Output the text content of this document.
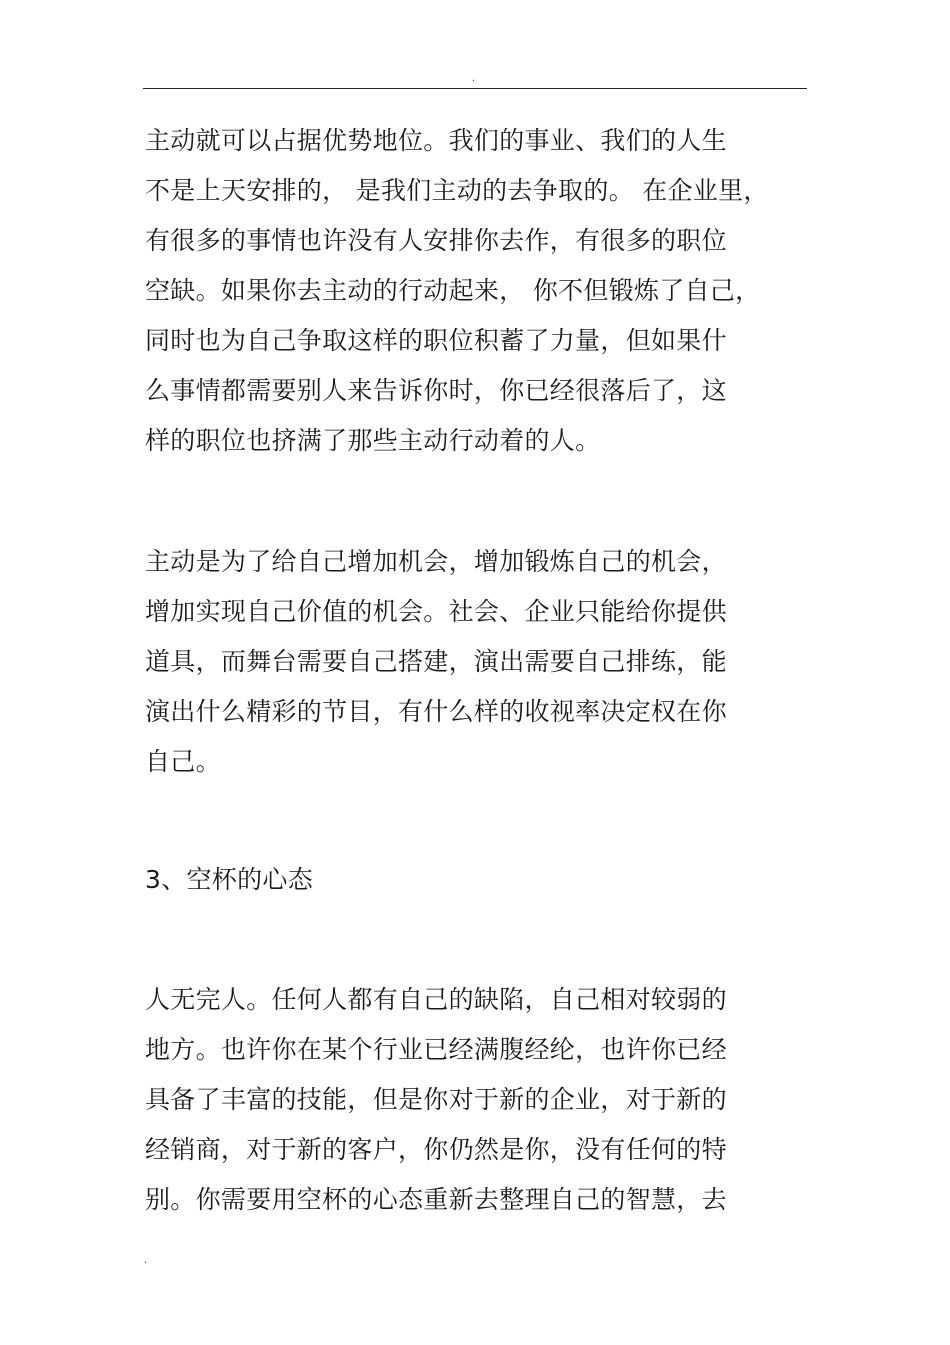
.
主动就可以占据优势地位。我们的事业、我们的人生
不是上天安排的， 是我们主动的去争取的。 在企业里，
有很多的事情也许没有人安排你去作，有很多的职位
空缺。如果你去主动的行动起来， 你不但锻炼了自己，
同时也为自己争取这样的职位积蓄了力量，但如果什
么事情都需要别人来告诉你时，你已经很落后了，这
样的职位也挤满了那些主动行动着的人。
主动是为了给自己增加机会，增加锻炼自己的机会，
增加实现自己价值的机会。社会、企业只能给你提供
道具，而舞台需要自己搭建，演出需要自己排练，能
演出什么精彩的节目，有什么样的收视率决定权在你
自己。
3、空杯的心态
人无完人。任何人都有自己的缺陷，自己相对较弱的
地方。也许你在某个行业已经满腹经纶，也许你已经
具备了丰富的技能，但是你对于新的企业，对于新的
经销商，对于新的客户，你仍然是你，没有任何的特
别。你需要用空杯的心态重新去整理自己的智慧，去
.
